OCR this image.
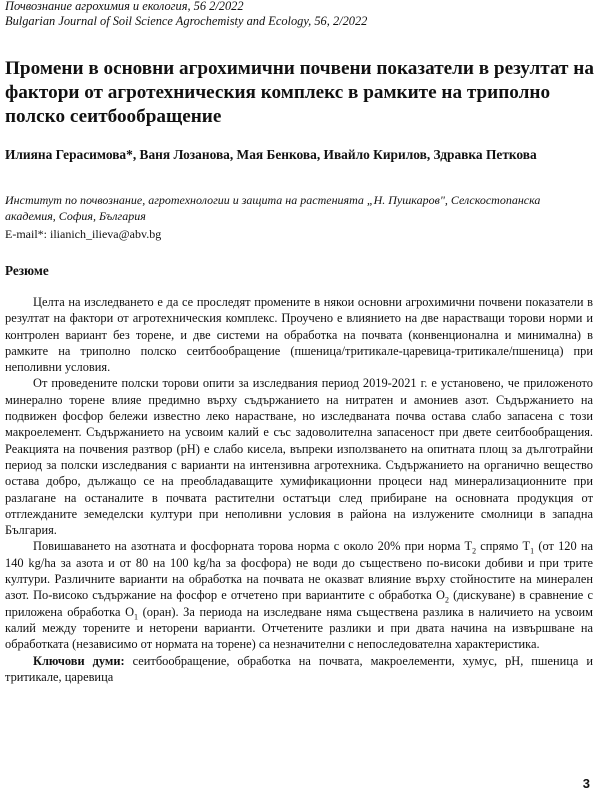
Почвознание агрохимия и екология, 56 2/2022
Bulgarian Journal of Soil Science Agrochemisty and Ecology, 56, 2/2022
Промени в основни агрохимични почвени показатели в резултат на фактори от агротехническия комплекс в рамките на триполно полско сеитбообращение

Илияна Герасимова*, Ваня Лозанова, Мая Бенкова, Ивайло Кирилов, Здравка Петкова

Институт по почвознание, агротехнологии и защита на растенията „Н. Пушкаров", Селскостопанска академия, София, България

E-mail*: ilianich_ilieva@abv.bg
Резюме

Целта на изследването е да се проследят промените в някои основни агрохимични почвени показатели в резултат на фактори от агротехническия комплекс. Проучено е влиянието на две нарастващи торови норми и контролен вариант без торене, и две системи на обработка на почвата (конвенционална и минимална) в рамките на триполно полско сеитбообращение (пшеница/тритикале-царевица-тритикале/пшеница) при неполивни условия.

От проведените полски торови опити за изследвания период 2019-2021 г. е установено, че приложеното минерално торене влияе предимно върху съдържанието на нитратен и амониев азот. Съдържанието на подвижен фосфор бележи известно леко нарастване, но изследваната почва остава слабо запасена с този макроелемент. Съдържанието на усвоим калий е със задоволителна запасеност при двете сеитбообращения. Реакцията на почвения разтвор (pH) е слабо кисела, въпреки използването на опитната площ за дълготрайни период за полски изследвания с варианти на интензивна агротехника. Съдържанието на органично вещество остава добро, дължащо се на преобладаващите хумификационни процеси над минерализационните при разлагане на останалите в почвата растителни остатъци след прибиране на основната продукция от отглежданите земеделски култури при неполивни условия в района на излужените смолници в западна България.

Повишаването на азотната и фосфорната торова норма с около 20% при норма $Т_2$ спрямо $Т_1$ (от 120 на 140 kg/ha за азота и от 80 на 100 kg/ha за фосфора) не води до съществено по-високи добиви и при трите култури. Различните варианти на обработка на почвата не оказват влияние върху стойностите на минерален азот. По-високо съдържание на фосфор е отчетено при вариантите с обработка $О_2$ (дискуване) в сравнение с приложена обработка $О_1$ (оран). За периода на изследване няма съществена разлика в наличието на усвоим калий между торените и неторени варианти. Отчетените разлики и при двата начина на извършване на обработката (независимо от нормата на торене) са незначителни с непоследователна характеристика.

Ключови думи: сеитбообращение, обработка на почвата, макроелементи, хумус, pH, пшеница и тритикале, царевица

3
